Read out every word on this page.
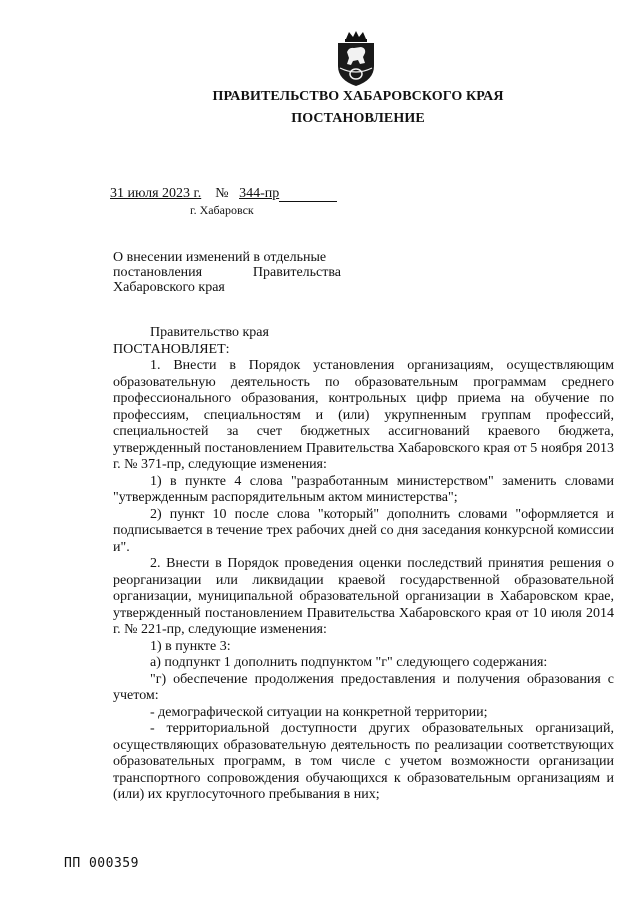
ПРАВИТЕЛЬСТВО ХАБАРОВСКОГО КРАЯ
ПОСТАНОВЛЕНИЕ
31 июля 2023 г. № 344-пр
г. Хабаровск
О внесении изменений в отдельные
постановления Правительства
Хабаровского края

Правительство края

ПОСТАНОВЛЯЕТ:

1. Внести в Порядок установления организациям, осуществляющим образовательную деятельность по образовательным программам среднего профессионального образования, контрольных цифр приема на обучение по профессиям, специальностям и (или) укрупненным группам профессий, специальностей за счет бюджетных ассигнований краевого бюджета, утвержденный постановлением Правительства Хабаровского края от 5 ноября 2013 г. № 371-пр, следующие изменения:

1) в пункте 4 слова "разработанным министерством" заменить словами "утвержденным распорядительным актом министерства";

2) пункт 10 после слова "который" дополнить словами "оформляется и подписывается в течение трех рабочих дней со дня заседания конкурсной комиссии и".

2. Внести в Порядок проведения оценки последствий принятия решения о реорганизации или ликвидации краевой государственной образовательной организации, муниципальной образовательной организации в Хабаровском крае, утвержденный постановлением Правительства Хабаровского края от 10 июля 2014 г. № 221-пр, следующие изменения:

1) в пункте 3:

а) подпункт 1 дополнить подпунктом "г" следующего содержания:

"г) обеспечение продолжения предоставления и получения образования с учетом:

- демографической ситуации на конкретной территории;

- территориальной доступности других образовательных организаций, осуществляющих образовательную деятельность по реализации соответствующих образовательных программ, в том числе с учетом возможности организации транспортного сопровождения обучающихся к образовательным организациям и (или) их круглосуточного пребывания в них;

ПП 000359
